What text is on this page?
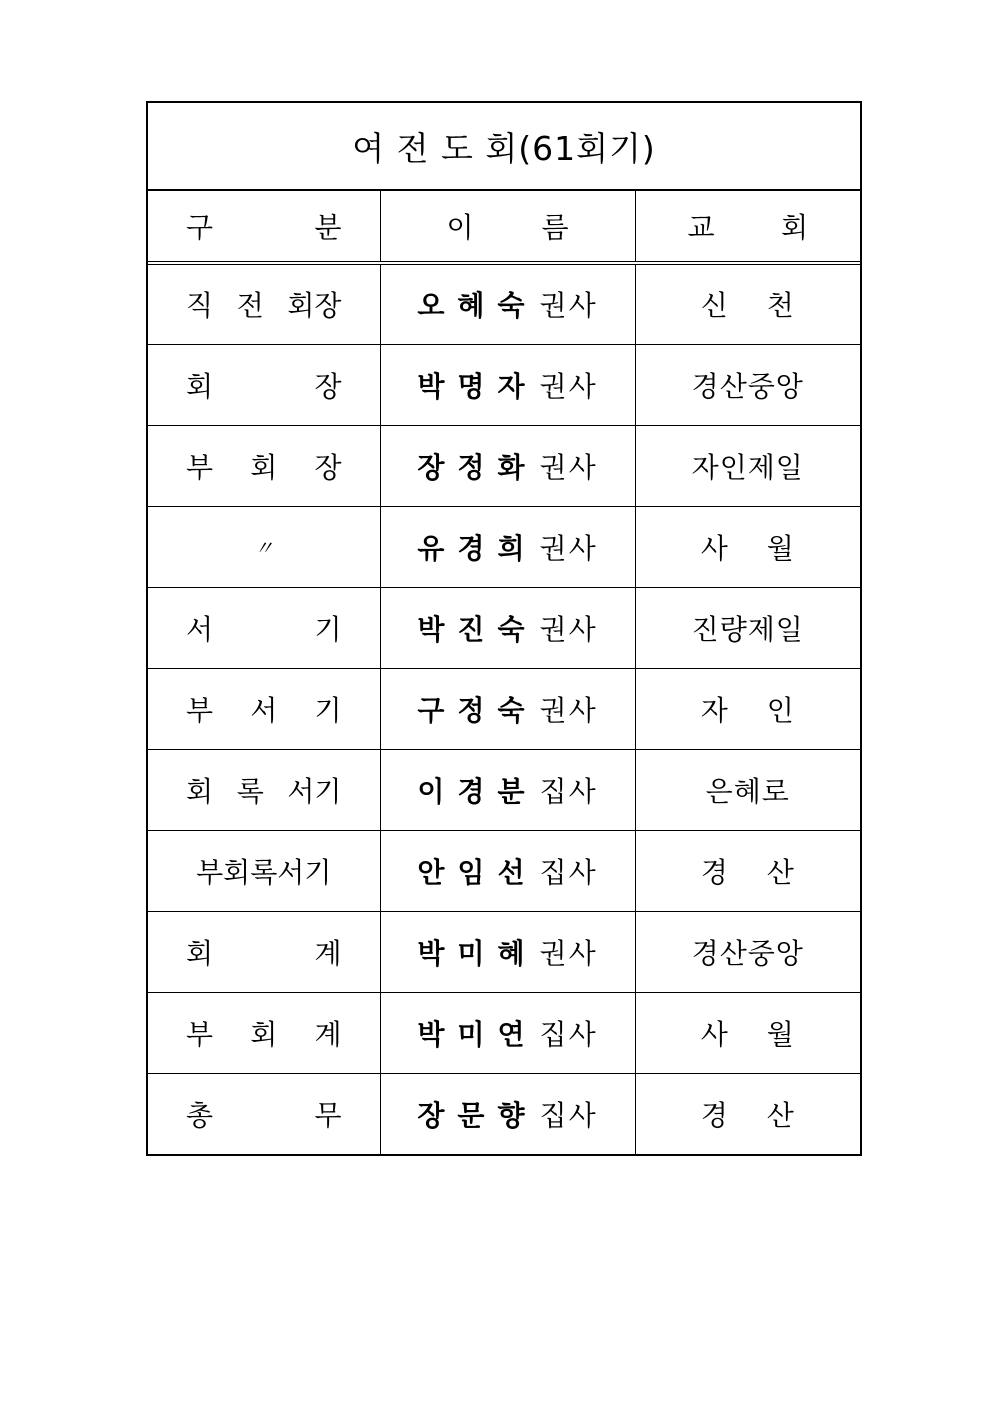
여 전 도 회(61회기)
구 분	이 름	교 회

직 전 회장	오혜숙 권사	신 천

회 장	박명자 권사	경산중앙

부 회 장	장정화 권사	자인제일

〃	유경희 권사	사 월

서 기	박진숙 권사	진량제일

부 서 기	구정숙 권사	자 인

회 록 서기	이경분 집사	은혜로

부회록서기	안임선 집사	경 산

회 계	박미혜 권사	경산중앙

부 회 계	박미연 집사	사 월

총 무	장문향 집사	경 산
